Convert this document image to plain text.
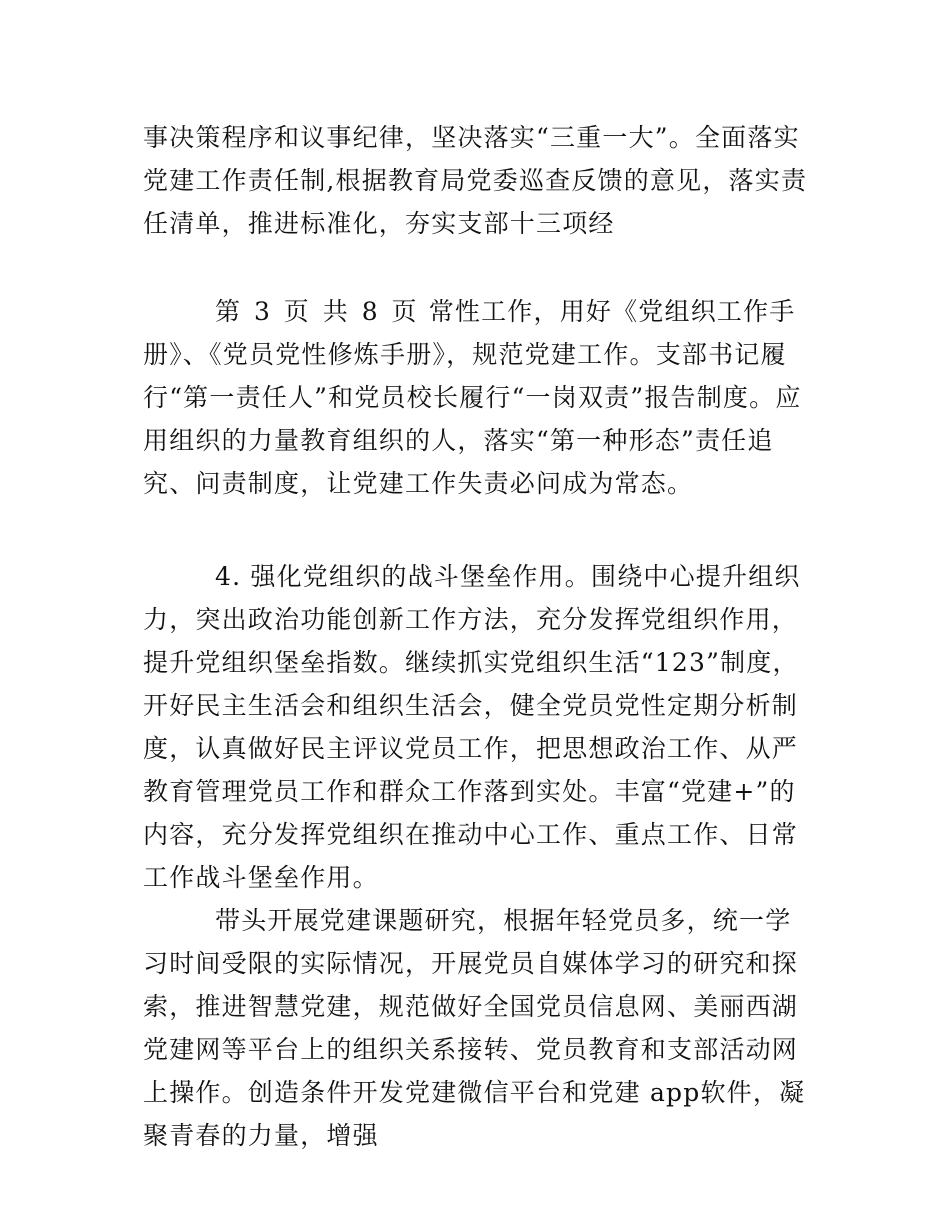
事决策程序和议事纪律，坚决落实“三重一大”。全面落实党建工作责任制,根据教育局党委巡查反馈的意见，落实责任清单，推进标准化，夯实支部十三项经

第 3 页 共 8 页 常性工作，用好《党组织工作手册》、《党员党性修炼手册》，规范党建工作。支部书记履行“第一责任人”和党员校长履行“一岗双责”报告制度。应用组织的力量教育组织的人，落实“第一种形态”责任追究、问责制度，让党建工作失责必问成为常态。

4. 强化党组织的战斗堡垒作用。围绕中心提升组织力，突出政治功能创新工作方法，充分发挥党组织作用，提升党组织堡垒指数。继续抓实党组织生活“123”制度，开好民主生活会和组织生活会，健全党员党性定期分析制度，认真做好民主评议党员工作，把思想政治工作、从严教育管理党员工作和群众工作落到实处。丰富“党建+”的内容，充分发挥党组织在推动中心工作、重点工作、日常工作战斗堡垒作用。

带头开展党建课题研究，根据年轻党员多，统一学习时间受限的实际情况，开展党员自媒体学习的研究和探索，推进智慧党建，规范做好全国党员信息网、美丽西湖党建网等平台上的组织关系接转、党员教育和支部活动网上操作。创造条件开发党建微信平台和党建 app软件，凝聚青春的力量，增强
